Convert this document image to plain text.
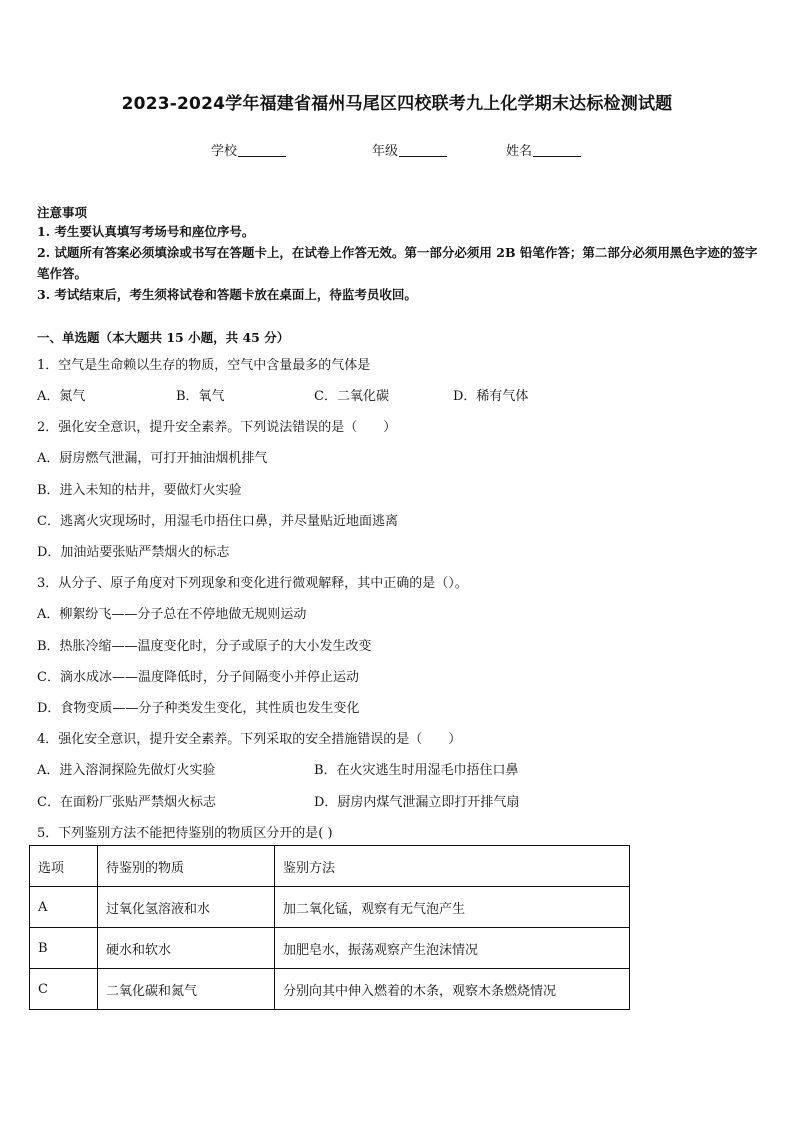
2023-2024学年福建省福州马尾区四校联考九上化学期末达标检测试题
学校	年级	姓名
注意事项
1. 考生要认真填写考场号和座位序号。
2. 试题所有答案必须填涂或书写在答题卡上，在试卷上作答无效。第一部分必须用 2B 铅笔作答；第二部分必须用黑色字迹的签字笔作答。
3. 考试结束后，考生须将试卷和答题卡放在桌面上，待监考员收回。
一、单选题（本大题共 15 小题，共 45 分）
1．空气是生命赖以生存的物质，空气中含量最多的气体是
A．氮气	B．氧气	C．二氧化碳	D．稀有气体
2．强化安全意识，提升安全素养。下列说法错误的是（　　）
A．厨房燃气泄漏，可打开抽油烟机排气
B．进入未知的枯井，要做灯火实验
C．逃离火灾现场时，用湿毛巾捂住口鼻，并尽量贴近地面逃离
D．加油站要张贴严禁烟火的标志
3．从分子、原子角度对下列现象和变化进行微观解释，其中正确的是（）。
A．柳絮纷飞——分子总在不停地做无规则运动
B．热胀冷缩——温度变化时，分子或原子的大小发生改变
C．滴水成冰——温度降低时，分子间隔变小并停止运动
D．食物变质——分子种类发生变化，其性质也发生变化
4．强化安全意识，提升安全素养。下列采取的安全措施错误的是（　　）
A．进入溶洞探险先做灯火实验	B．在火灾逃生时用湿毛巾捂住口鼻
C．在面粉厂张贴严禁烟火标志	D．厨房内煤气泄漏立即打开排气扇
5．下列鉴别方法不能把待鉴别的物质区分开的是( )
选项	待鉴别的物质	鉴别方法
A	过氧化氢溶液和水	加二氧化锰，观察有无气泡产生
B	硬水和软水	加肥皂水，振荡观察产生泡沫情况
C	二氧化碳和氮气	分别向其中伸入燃着的木条，观察木条燃烧情况
